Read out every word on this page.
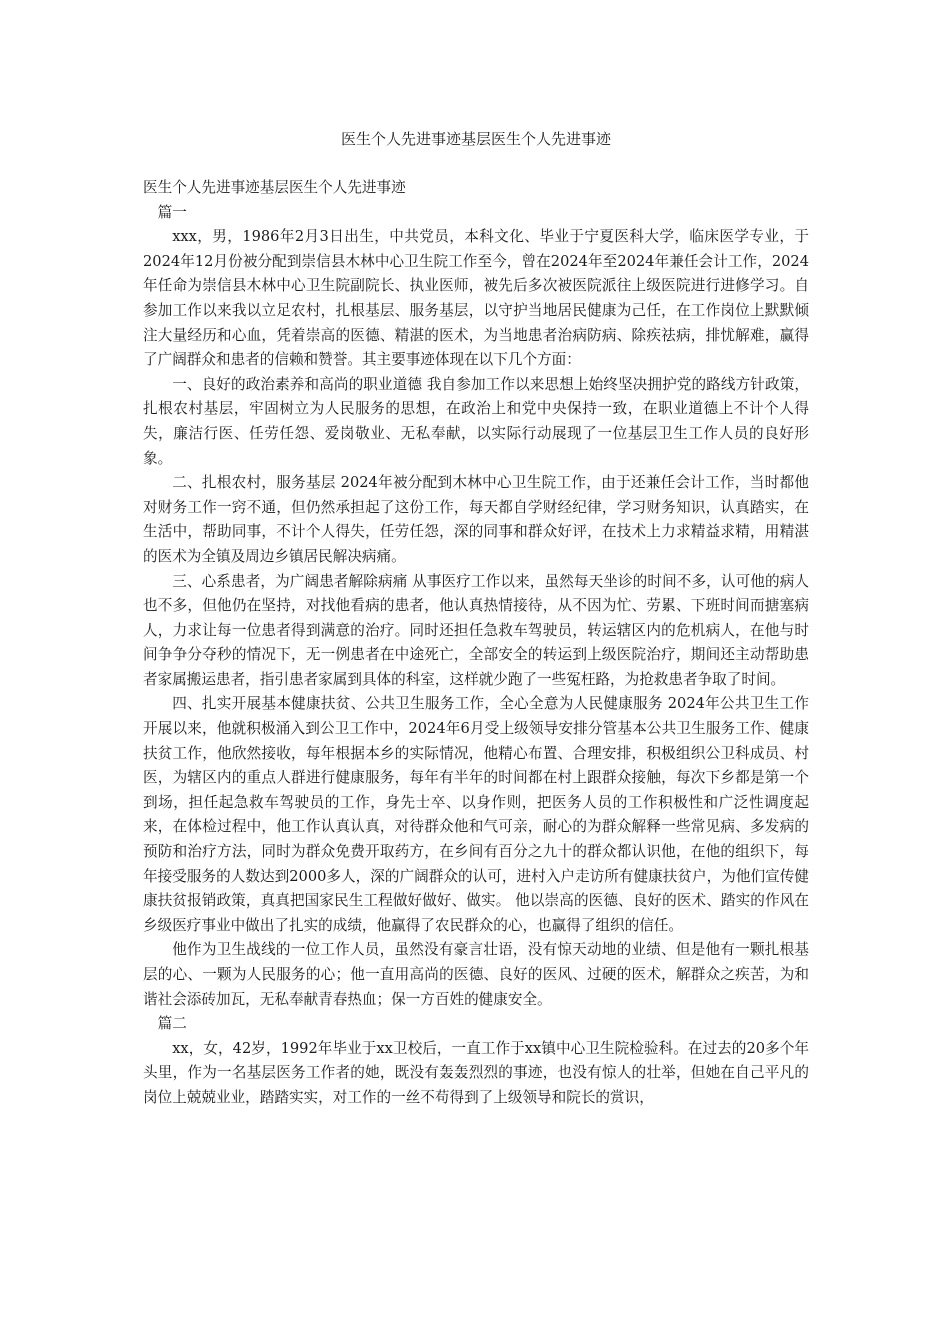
医生个人先进事迹基层医生个人先进事迹

医生个人先进事迹基层医生个人先进事迹

篇一

xxx，男，1986年2月3日出生，中共党员，本科文化、毕业于宁夏医科大学，临床医学专业，于2024年12月份被分配到崇信县木林中心卫生院工作至今，曾在2024年至2024年兼任会计工作，2024年任命为崇信县木林中心卫生院副院长、执业医师，被先后多次被医院派往上级医院进行进修学习。自参加工作以来我以立足农村，扎根基层、服务基层，以守护当地居民健康为己任，在工作岗位上默默倾注大量经历和心血，凭着崇高的医德、精湛的医术，为当地患者治病防病、除疾祛病，排忧解难，赢得了广阔群众和患者的信赖和赞誉。其主要事迹体现在以下几个方面：

一、良好的政治素养和高尚的职业道德 我自参加工作以来思想上始终坚决拥护党的路线方针政策，扎根农村基层，牢固树立为人民服务的思想，在政治上和党中央保持一致，在职业道德上不计个人得失，廉洁行医、任劳任怨、爱岗敬业、无私奉献，以实际行动展现了一位基层卫生工作人员的良好形象。

二、扎根农村，服务基层 2024年被分配到木林中心卫生院工作，由于还兼任会计工作，当时都他对财务工作一窍不通，但仍然承担起了这份工作，每天都自学财经纪律，学习财务知识，认真踏实，在生活中，帮助同事，不计个人得失，任劳任怨，深的同事和群众好评，在技术上力求精益求精，用精湛的医术为全镇及周边乡镇居民解决病痛。

三、心系患者，为广阔患者解除病痛 从事医疗工作以来，虽然每天坐诊的时间不多，认可他的病人也不多，但他仍在坚持，对找他看病的患者，他认真热情接待，从不因为忙、劳累、下班时间而搪塞病人，力求让每一位患者得到满意的治疗。同时还担任急救车驾驶员，转运辖区内的危机病人，在他与时间争争分夺秒的情况下，无一例患者在中途死亡，全部安全的转运到上级医院治疗，期间还主动帮助患者家属搬运患者，指引患者家属到具体的科室，这样就少跑了一些冤枉路，为抢救患者争取了时间。

四、扎实开展基本健康扶贫、公共卫生服务工作，全心全意为人民健康服务 2024年公共卫生工作开展以来，他就积极涌入到公卫工作中，2024年6月受上级领导安排分管基本公共卫生服务工作、健康扶贫工作，他欣然接收，每年根据本乡的实际情况，他精心布置、合理安排，积极组织公卫科成员、村医，为辖区内的重点人群进行健康服务，每年有半年的时间都在村上跟群众接触，每次下乡都是第一个到场，担任起急救车驾驶员的工作，身先士卒、以身作则，把医务人员的工作积极性和广泛性调度起来，在体检过程中，他工作认真认真，对待群众他和气可亲，耐心的为群众解释一些常见病、多发病的预防和治疗方法，同时为群众免费开取药方，在乡间有百分之九十的群众都认识他，在他的组织下，每年接受服务的人数达到2000多人，深的广阔群众的认可，进村入户走访所有健康扶贫户，为他们宣传健康扶贫报销政策，真真把国家民生工程做好做好、做实。 他以崇高的医德、良好的医术、踏实的作风在乡级医疗事业中做出了扎实的成绩，他赢得了农民群众的心，也赢得了组织的信任。

他作为卫生战线的一位工作人员，虽然没有豪言壮语，没有惊天动地的业绩、但是他有一颗扎根基层的心、一颗为人民服务的心；他一直用高尚的医德、良好的医风、过硬的医术，解群众之疾苦，为和谐社会添砖加瓦，无私奉献青春热血；保一方百姓的健康安全。

篇二

xx，女，42岁，1992年毕业于xx卫校后，一直工作于xx镇中心卫生院检验科。在过去的20多个年头里，作为一名基层医务工作者的她，既没有轰轰烈烈的事迹，也没有惊人的壮举，但她在自己平凡的岗位上兢兢业业，踏踏实实，对工作的一丝不苟得到了上级领导和院长的赏识，
